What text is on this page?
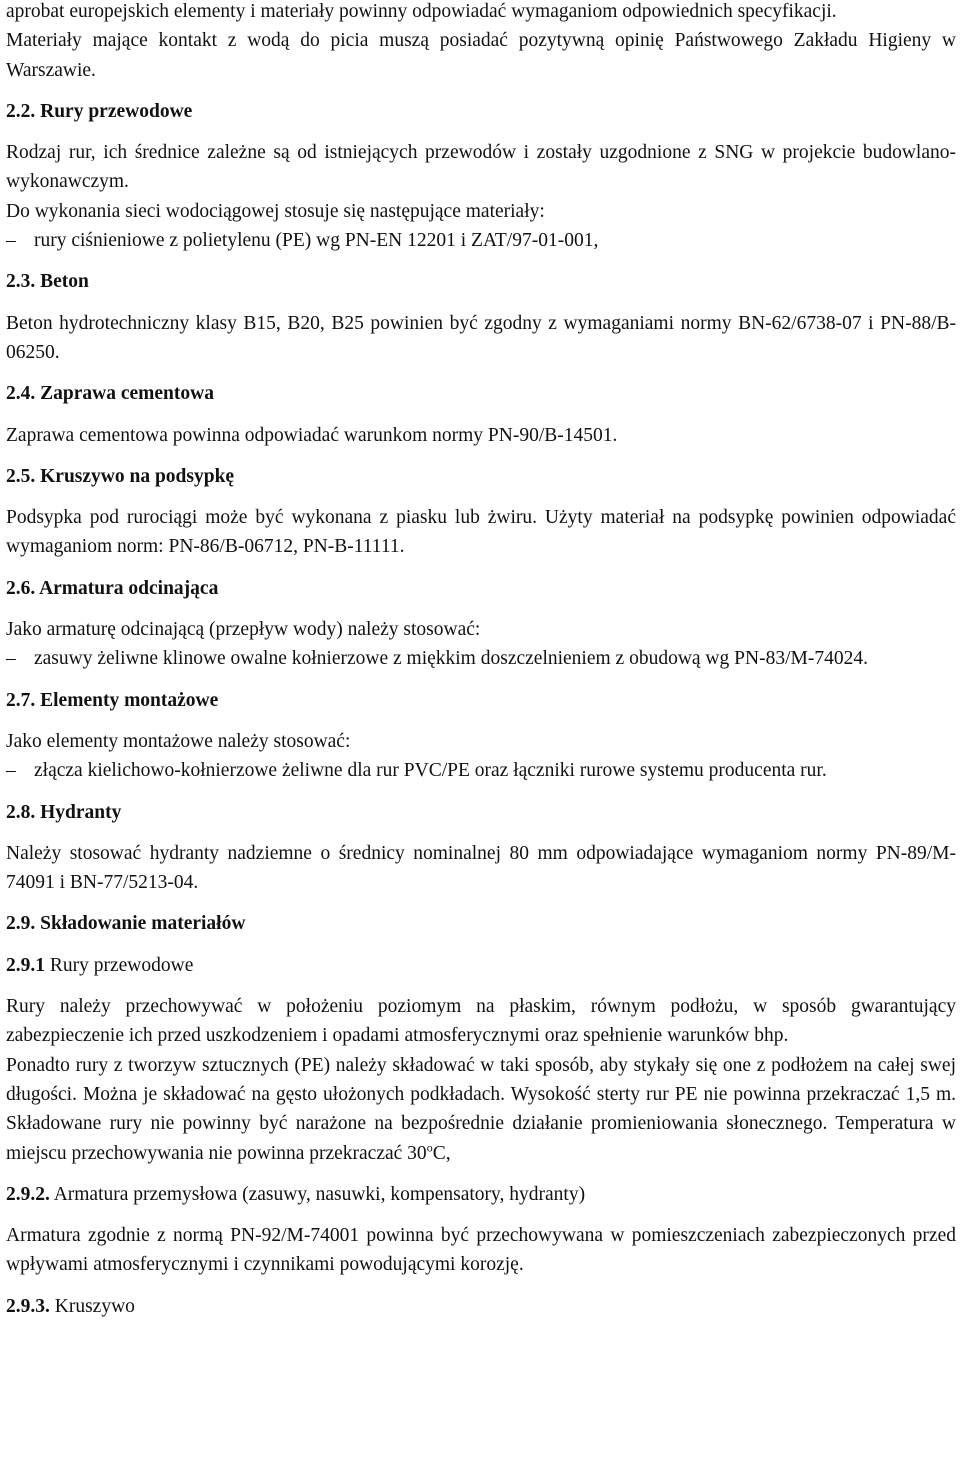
aprobat europejskich elementy i materiały powinny odpowiadać wymaganiom odpowiednich specyfikacji.

Materiały mające kontakt z wodą do picia muszą posiadać pozytywną opinię Państwowego Zakładu Higieny w Warszawie.

2.2. Rury przewodowe

Rodzaj rur, ich średnice zależne są od istniejących przewodów i zostały uzgodnione z SNG w projekcie budowlano-wykonawczym.

Do wykonania sieci wodociągowej stosuje się następujące materiały:

– rury ciśnieniowe z polietylenu (PE) wg PN-EN 12201 i ZAT/97-01-001,

2.3. Beton

Beton hydrotechniczny klasy B15, B20, B25 powinien być zgodny z wymaganiami normy BN-62/6738-07 i PN-88/B-06250.

2.4. Zaprawa cementowa

Zaprawa cementowa powinna odpowiadać warunkom normy PN-90/B-14501.

2.5. Kruszywo na podsypkę

Podsypka pod rurociągi może być wykonana z piasku lub żwiru. Użyty materiał na podsypkę powinien odpowiadać wymaganiom norm: PN-86/B-06712, PN-B-11111.

2.6. Armatura odcinająca

Jako armaturę odcinającą (przepływ wody) należy stosować:

– zasuwy żeliwne klinowe owalne kołnierzowe z miękkim doszczelnieniem z obudową wg PN-83/M-74024.

2.7. Elementy montażowe

Jako elementy montażowe należy stosować:

– złącza kielichowo-kołnierzowe żeliwne dla rur PVC/PE oraz łączniki rurowe systemu producenta rur.

2.8. Hydranty

Należy stosować hydranty nadziemne o średnicy nominalnej 80 mm odpowiadające wymaganiom normy PN-89/M-74091 i BN-77/5213-04.

2.9. Składowanie materiałów

2.9.1 Rury przewodowe

Rury należy przechowywać w położeniu poziomym na płaskim, równym podłożu, w sposób gwarantujący zabezpieczenie ich przed uszkodzeniem i opadami atmosferycznymi oraz spełnienie warunków bhp.

Ponadto rury z tworzyw sztucznych (PE) należy składować w taki sposób, aby stykały się one z podłożem na całej swej długości. Można je składować na gęsto ułożonych podkładach. Wysokość sterty rur PE nie powinna przekraczać 1,5 m. Składowane rury nie powinny być narażone na bezpośrednie działanie promieniowania słonecznego. Temperatura w miejscu przechowywania nie powinna przekraczać 30$^o$C,

2.9.2. Armatura przemysłowa (zasuwy, nasuwki, kompensatory, hydranty)

Armatura zgodnie z normą PN-92/M-74001 powinna być przechowywana w pomieszczeniach zabezpieczonych przed wpływami atmosferycznymi i czynnikami powodującymi korozję.

2.9.3. Kruszywo
